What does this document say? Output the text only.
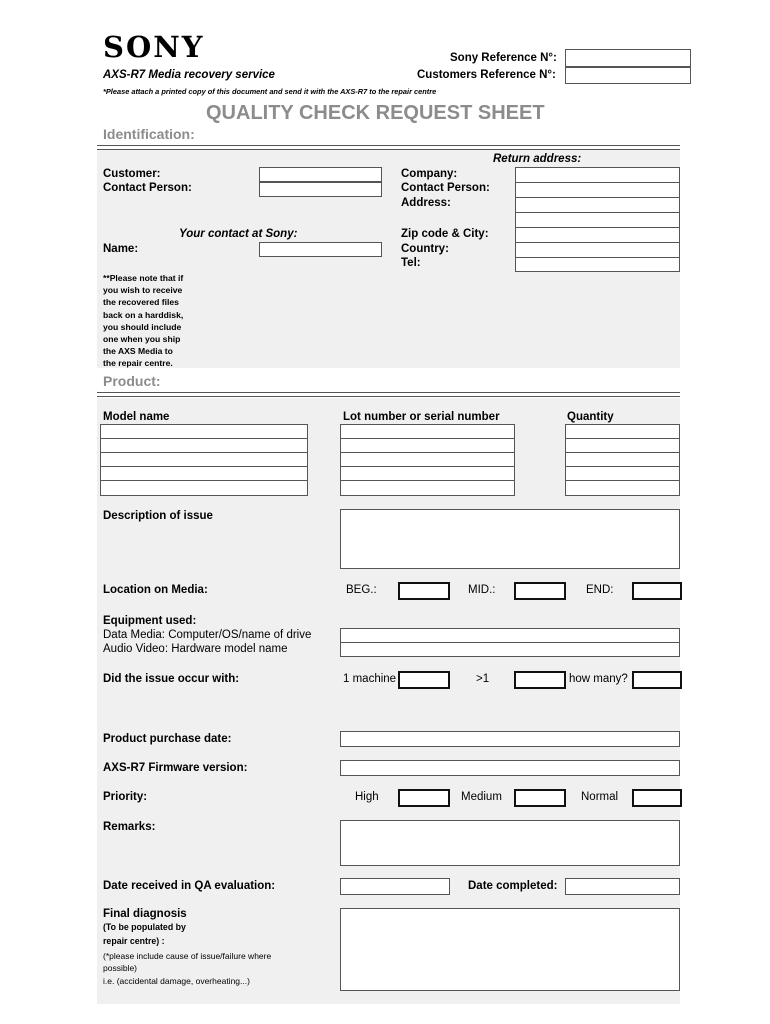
SONY	Sony Reference N°:
Customers Reference N°:
AXS-R7 Media recovery service
*Please attach a printed copy of this document and send it with the AXS-R7 to the repair centre
QUALITY CHECK REQUEST SHEET
Identification:
Return address:
Customer:
Contact Person:
Your contact at Sony:
Name:
Company:
Contact Person:
Address:
Zip code & City:
Country:
Tel:
**Please note that if
you wish to receive
the recovered files
back on a harddisk,
you should include
one when you ship
the AXS Media to
the repair centre.
Product:
Model name	Lot number or serial number	Quantity
Description of issue
Location on Media:	BEG.:	MID.:	END:
Equipment used:
Data Media: Computer/OS/name of drive
Audio Video: Hardware model name
Did the issue occur with:	1 machine	>1	how many?
Product purchase date:
AXS-R7 Firmware version:
Priority:	High	Medium	Normal
Remarks:
Date received in QA evaluation:	Date completed:
Final diagnosis
(To be populated by
repair centre) :
(*please include cause of issue/failure where
possible)
i.e. (accidental damage, overheating...)
